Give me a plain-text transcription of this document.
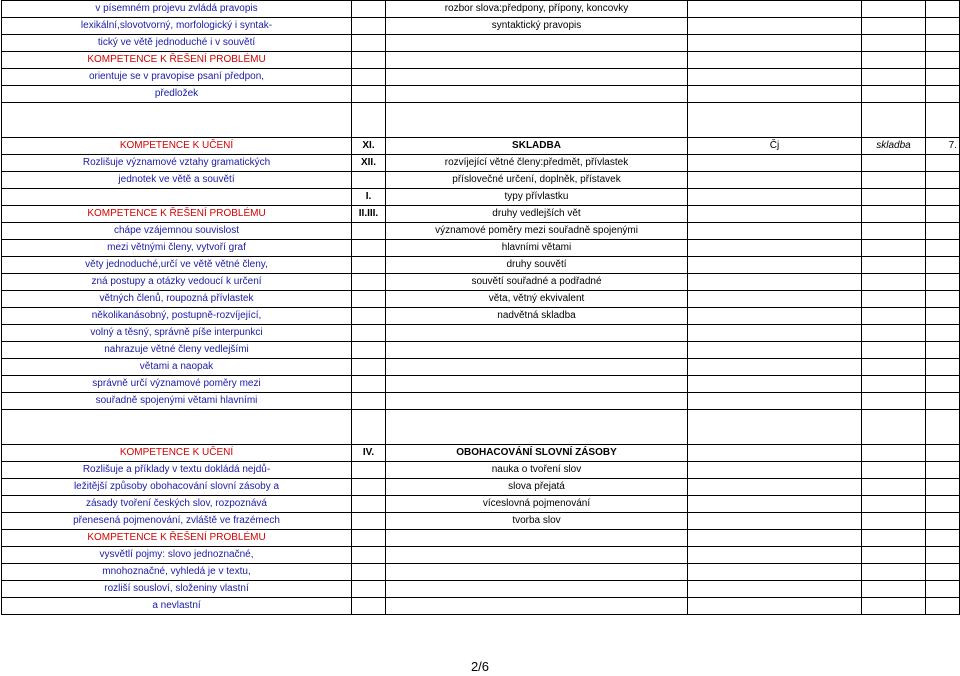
v písemném projevu zvládá pravopis		rozbor slova:předpony, přípony, koncovky			
lexikální,slovotvorný, morfologický i syntak-		syntaktický pravopis			
tický ve větě jednoduché i v souvětí					
KOMPETENCE K ŘEŠENÍ PROBLÉMU					
orientuje se v pravopise psaní předpon,					
předložek					

KOMPETENCE K UČENÍ	XI.	SKLADBA	Čj	skladba	7.
Rozlišuje významové vztahy gramatických	XII.	rozvíjející větné členy:předmět, přívlastek			
jednotek ve větě a souvětí		příslovečné určení, doplněk, přístavek			
	I.	typy přívlastku			
KOMPETENCE K ŘEŠENÍ PROBLÉMU	II.III.	druhy vedlejších vět			
chápe vzájemnou souvislost		významové poměry mezi souřadně spojenými			
mezi větnými členy, vytvoří graf		hlavními větami			
věty jednoduché,určí ve větě větné členy,		druhy souvětí			
zná postupy a otázky vedoucí k určení		souvětí souřadné a podřadné			
větných členů, roupozná přívlastek		věta, větný ekvivalent			
několikanásobný, postupně-rozvíjející,		nadvětná skladba			
volný a těsný, správně píše interpunkci					
nahrazuje větné členy vedlejšími					
větami a naopak					
správně určí významové poměry mezi					
souřadně spojenými větami hlavními					

KOMPETENCE K UČENÍ	IV.	OBOHACOVÁNÍ SLOVNÍ ZÁSOBY			
Rozlišuje a příklady v textu dokládá nejdů-		nauka o tvoření slov			
ležitější způsoby obohacování slovní zásoby a		slova přejatá			
zásady tvoření českých slov, rozpoznává		víceslovná pojmenování			
přenesená pojmenování, zvláště ve frazémech		tvorba slov			
KOMPETENCE K ŘEŠENÍ PROBLÉMU					
vysvětlí pojmy: slovo jednoznačné,					
mnohoznačné, vyhledá je v textu,					
rozliší sousloví, složeniny vlastní					
a nevlastní					
2/6
